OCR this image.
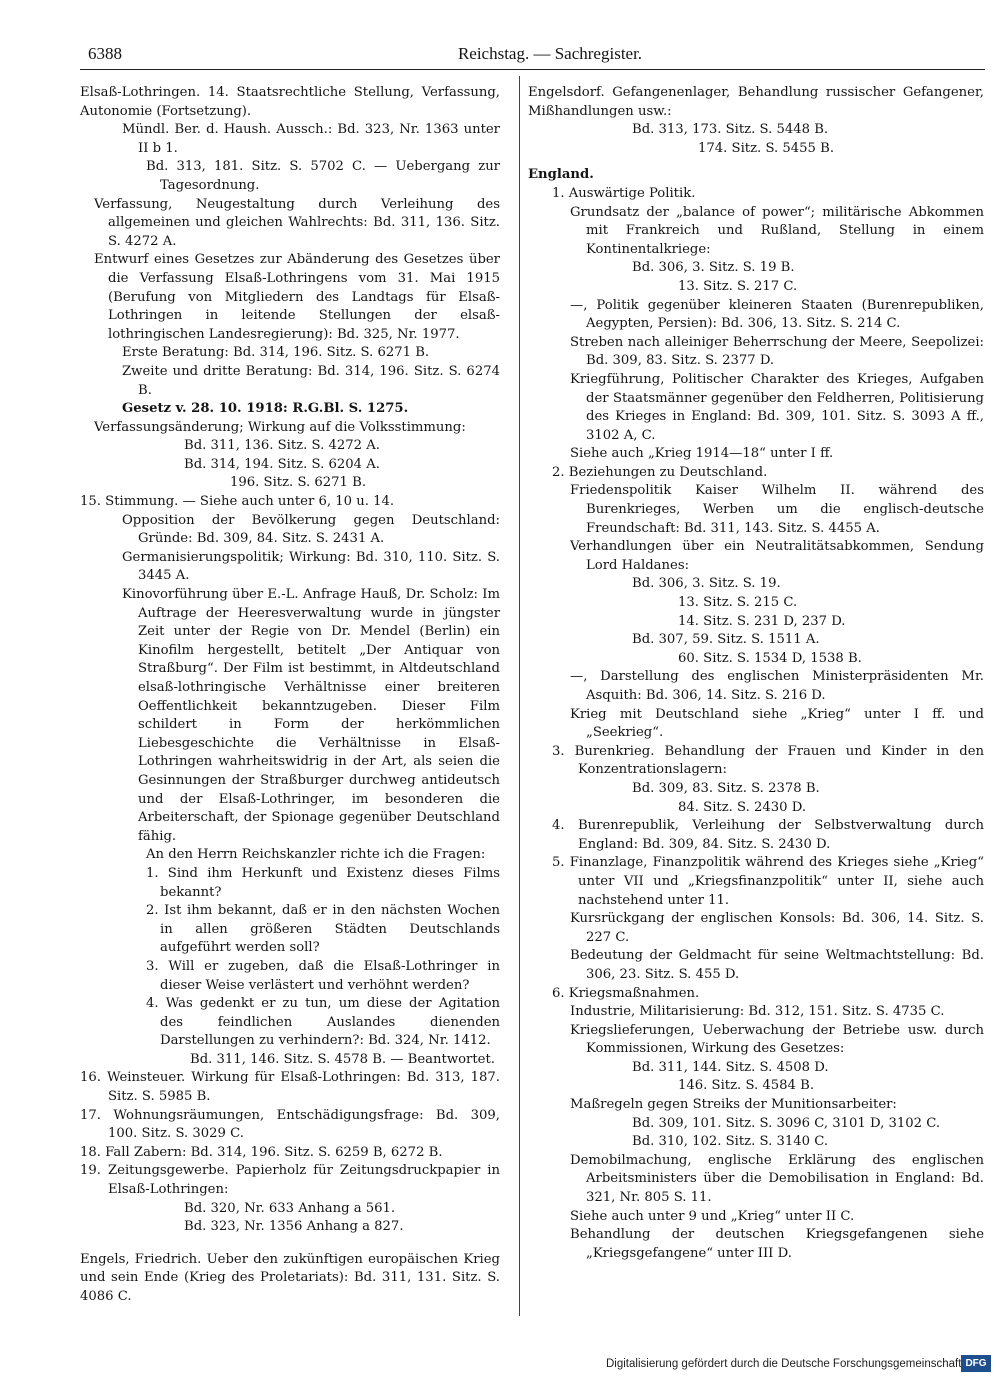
6388	Reichstag. — Sachregister.
Elsaß-Lothringen. 14. Staatsrechtliche Stellung, Verfassung, Autonomie (Fortsetzung).
Mündl. Ber. d. Haush. Aussch.: Bd. 323, Nr. 1363 unter II b 1.
Bd. 313, 181. Sitz. S. 5702 C. — Uebergang zur Tagesordnung.
Verfassung, Neugestaltung durch Verleihung des allgemeinen und gleichen Wahlrechts: Bd. 311, 136. Sitz. S. 4272 A.
Entwurf eines Gesetzes zur Abänderung des Gesetzes über die Verfassung Elsaß-Lothringens vom 31. Mai 1915 (Berufung von Mitgliedern des Landtags für Elsaß-Lothringen in leitende Stellungen der elsaß-lothringischen Landesregierung): Bd. 325, Nr. 1977.
Erste Beratung: Bd. 314, 196. Sitz. S. 6271 B.
Zweite und dritte Beratung: Bd. 314, 196. Sitz. S. 6274 B.
Gesetz v. 28. 10. 1918: R.G.Bl. S. 1275.
Verfassungsänderung; Wirkung auf die Volksstimmung:
Bd. 311, 136. Sitz. S. 4272 A.
Bd. 314, 194. Sitz. S. 6204 A.
196. Sitz. S. 6271 B.
15. Stimmung. — Siehe auch unter 6, 10 u. 14.
Opposition der Bevölkerung gegen Deutschland: Gründe: Bd. 309, 84. Sitz. S. 2431 A.
Germanisierungspolitik; Wirkung: Bd. 310, 110. Sitz. S. 3445 A.
Kinovorführung über E.-L. Anfrage Hauß, Dr. Scholz: Im Auftrage der Heeresverwaltung wurde in jüngster Zeit unter der Regie von Dr. Mendel (Berlin) ein Kinofilm hergestellt, betitelt „Der Antiquar von Straßburg“. Der Film ist bestimmt, in Altdeutschland elsaß-lothringische Verhältnisse einer breiteren Oeffentlichkeit bekanntzugeben. Dieser Film schildert in Form der herkömmlichen Liebesgeschichte die Verhältnisse in Elsaß-Lothringen wahrheitswidrig in der Art, als seien die Gesinnungen der Straßburger durchweg antideutsch und der Elsaß-Lothringer, im besonderen die Arbeiterschaft, der Spionage gegenüber Deutschland fähig.
An den Herrn Reichskanzler richte ich die Fragen:
1. Sind ihm Herkunft und Existenz dieses Films bekannt?
2. Ist ihm bekannt, daß er in den nächsten Wochen in allen größeren Städten Deutschlands aufgeführt werden soll?
3. Will er zugeben, daß die Elsaß-Lothringer in dieser Weise verlästert und verhöhnt werden?
4. Was gedenkt er zu tun, um diese der Agitation des feindlichen Auslandes dienenden Darstellungen zu verhindern?: Bd. 324, Nr. 1412.
Bd. 311, 146. Sitz. S. 4578 B. — Beantwortet.
16. Weinsteuer. Wirkung für Elsaß-Lothringen: Bd. 313, 187. Sitz. S. 5985 B.
17. Wohnungsräumungen, Entschädigungsfrage: Bd. 309, 100. Sitz. S. 3029 C.
18. Fall Zabern: Bd. 314, 196. Sitz. S. 6259 B, 6272 B.
19. Zeitungsgewerbe. Papierholz für Zeitungsdruckpapier in Elsaß-Lothringen:
Bd. 320, Nr. 633 Anhang a 561.
Bd. 323, Nr. 1356 Anhang a 827.
Engels, Friedrich. Ueber den zukünftigen europäischen Krieg und sein Ende (Krieg des Proletariats): Bd. 311, 131. Sitz. S. 4086 C.
Engelsdorf. Gefangenenlager, Behandlung russischer Gefangener, Mißhandlungen usw.:
Bd. 313, 173. Sitz. S. 5448 B.
174. Sitz. S. 5455 B.
England.
1. Auswärtige Politik.
Grundsatz der „balance of power“; militärische Abkommen mit Frankreich und Rußland, Stellung in einem Kontinentalkriege:
Bd. 306, 3. Sitz. S. 19 B.
13. Sitz. S. 217 C.
—, Politik gegenüber kleineren Staaten (Burenrepubliken, Aegypten, Persien): Bd. 306, 13. Sitz. S. 214 C.
Streben nach alleiniger Beherrschung der Meere, Seepolizei: Bd. 309, 83. Sitz. S. 2377 D.
Kriegführung, Politischer Charakter des Krieges, Aufgaben der Staatsmänner gegenüber den Feldherren, Politisierung des Krieges in England: Bd. 309, 101. Sitz. S. 3093 A ff., 3102 A, C.
Siehe auch „Krieg 1914—18“ unter I ff.
2. Beziehungen zu Deutschland.
Friedenspolitik Kaiser Wilhelm II. während des Burenkrieges, Werben um die englisch-deutsche Freundschaft: Bd. 311, 143. Sitz. S. 4455 A.
Verhandlungen über ein Neutralitätsabkommen, Sendung Lord Haldanes:
Bd. 306, 3. Sitz. S. 19.
13. Sitz. S. 215 C.
14. Sitz. S. 231 D, 237 D.
Bd. 307, 59. Sitz. S. 1511 A.
60. Sitz. S. 1534 D, 1538 B.
—, Darstellung des englischen Ministerpräsidenten Mr. Asquith: Bd. 306, 14. Sitz. S. 216 D.
Krieg mit Deutschland siehe „Krieg“ unter I ff. und „Seekrieg“.
3. Burenkrieg. Behandlung der Frauen und Kinder in den Konzentrationslagern:
Bd. 309, 83. Sitz. S. 2378 B.
84. Sitz. S. 2430 D.
4. Burenrepublik, Verleihung der Selbstverwaltung durch England: Bd. 309, 84. Sitz. S. 2430 D.
5. Finanzlage, Finanzpolitik während des Krieges siehe „Krieg“ unter VII und „Kriegsfinanzpolitik“ unter II, siehe auch nachstehend unter 11.
Kursrückgang der englischen Konsols: Bd. 306, 14. Sitz. S. 227 C.
Bedeutung der Geldmacht für seine Weltmachtstellung: Bd. 306, 23. Sitz. S. 455 D.
6. Kriegsmaßnahmen.
Industrie, Militarisierung: Bd. 312, 151. Sitz. S. 4735 C.
Kriegslieferungen, Ueberwachung der Betriebe usw. durch Kommissionen, Wirkung des Gesetzes:
Bd. 311, 144. Sitz. S. 4508 D.
146. Sitz. S. 4584 B.
Maßregeln gegen Streiks der Munitionsarbeiter:
Bd. 309, 101. Sitz. S. 3096 C, 3101 D, 3102 C.
Bd. 310, 102. Sitz. S. 3140 C.
Demobilmachung, englische Erklärung des englischen Arbeitsministers über die Demobilisation in England: Bd. 321, Nr. 805 S. 11.
Siehe auch unter 9 und „Krieg“ unter II C.
Behandlung der deutschen Kriegsgefangenen siehe „Kriegsgefangene“ unter III D.
Digitalisierung gefördert durch die Deutsche Forschungsgemeinschaft DFG
